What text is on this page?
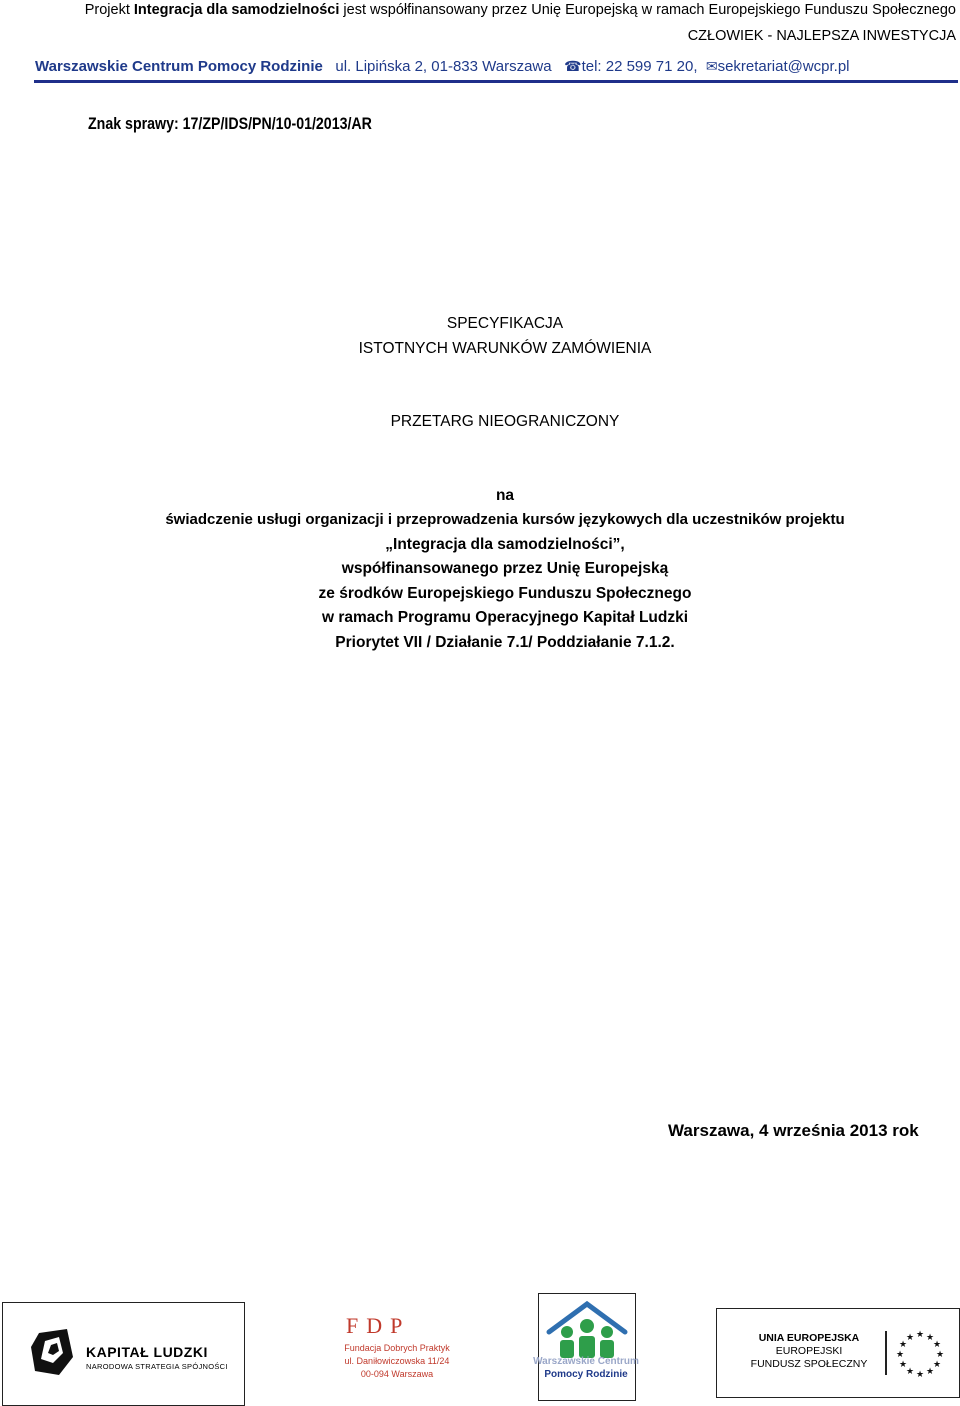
Projekt Integracja dla samodzielności jest współfinansowany przez Unię Europejską w ramach Europejskiego Funduszu Społecznego
CZŁOWIEK - NAJLEPSZA INWESTYCJA
Warszawskie Centrum Pomocy Rodzinie ul. Lipińska 2, 01-833 Warszawa ☎tel: 22 599 71 20, ✉sekretariat@wcpr.pl
Znak sprawy: 17/ZP/IDS/PN/10-01/2013/AR
SPECYFIKACJA
ISTOTNYCH WARUNKÓW ZAMÓWIENIA
PRZETARG NIEOGRANICZONY
na
świadczenie usługi organizacji i przeprowadzenia kursów językowych dla uczestników projektu
„Integracja dla samodzielności”,
współfinansowanego przez Unię Europejską
ze środków Europejskiego Funduszu Społecznego
w ramach Programu Operacyjnego Kapitał Ludzki
Priorytet VII / Działanie 7.1/ Poddziałanie 7.1.2.
Warszawa, 4 września 2013 rok
KAPITAŁ LUDZKI
NARODOWA STRATEGIA SPÓJNOŚCI
FDP
Fundacja Dobrych Praktyk
ul. Daniłowiczowska 11/24
00-094 Warszawa
Warszawskie Centrum
Pomocy Rodzinie
UNIA EUROPEJSKA
EUROPEJSKI
FUNDUSZ SPOŁECZNY
★ ★
★
★
★
★
★
★
★
★
★
★
